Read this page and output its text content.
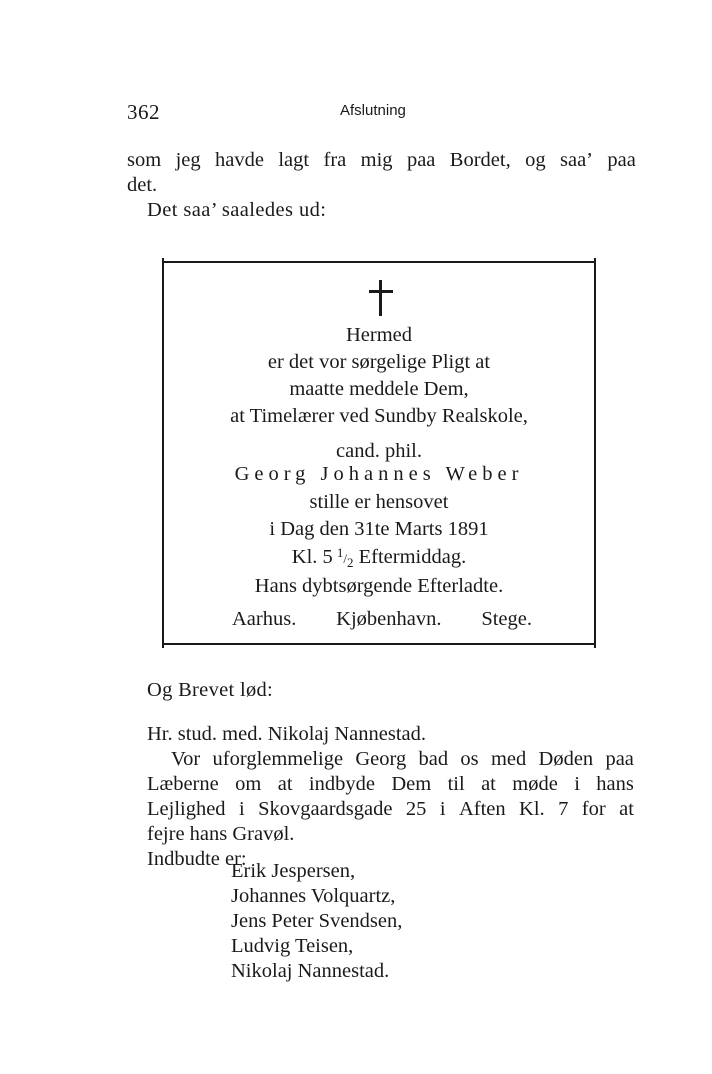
362	Afslutning
som jeg havde lagt fra mig paa Bordet, og saa’ paa
det.
Det saa’ saaledes ud:
Hermed
er det vor sørgelige Pligt at
maatte meddele Dem,
at Timelærer ved Sundby Realskole,
cand. phil.
Georg Johannes Weber
stille er hensovet
i Dag den 31te Marts 1891
Kl. 5  1/2 Eftermiddag.
Hans dybtsørgende Efterladte.
Aarhus. Kjøbenhavn. Stege.
Og Brevet lød:
Hr. stud. med. Nikolaj Nannestad.
Vor uforglemmelige Georg bad os med Døden paa
Læberne om at indbyde Dem til at møde i hans
Lejlighed i Skovgaardsgade 25 i Aften Kl. 7 for at
fejre hans Gravøl.
Indbudte er:
Erik Jespersen,
Johannes Volquartz,
Jens Peter Svendsen,
Ludvig Teisen,
Nikolaj Nannestad.
